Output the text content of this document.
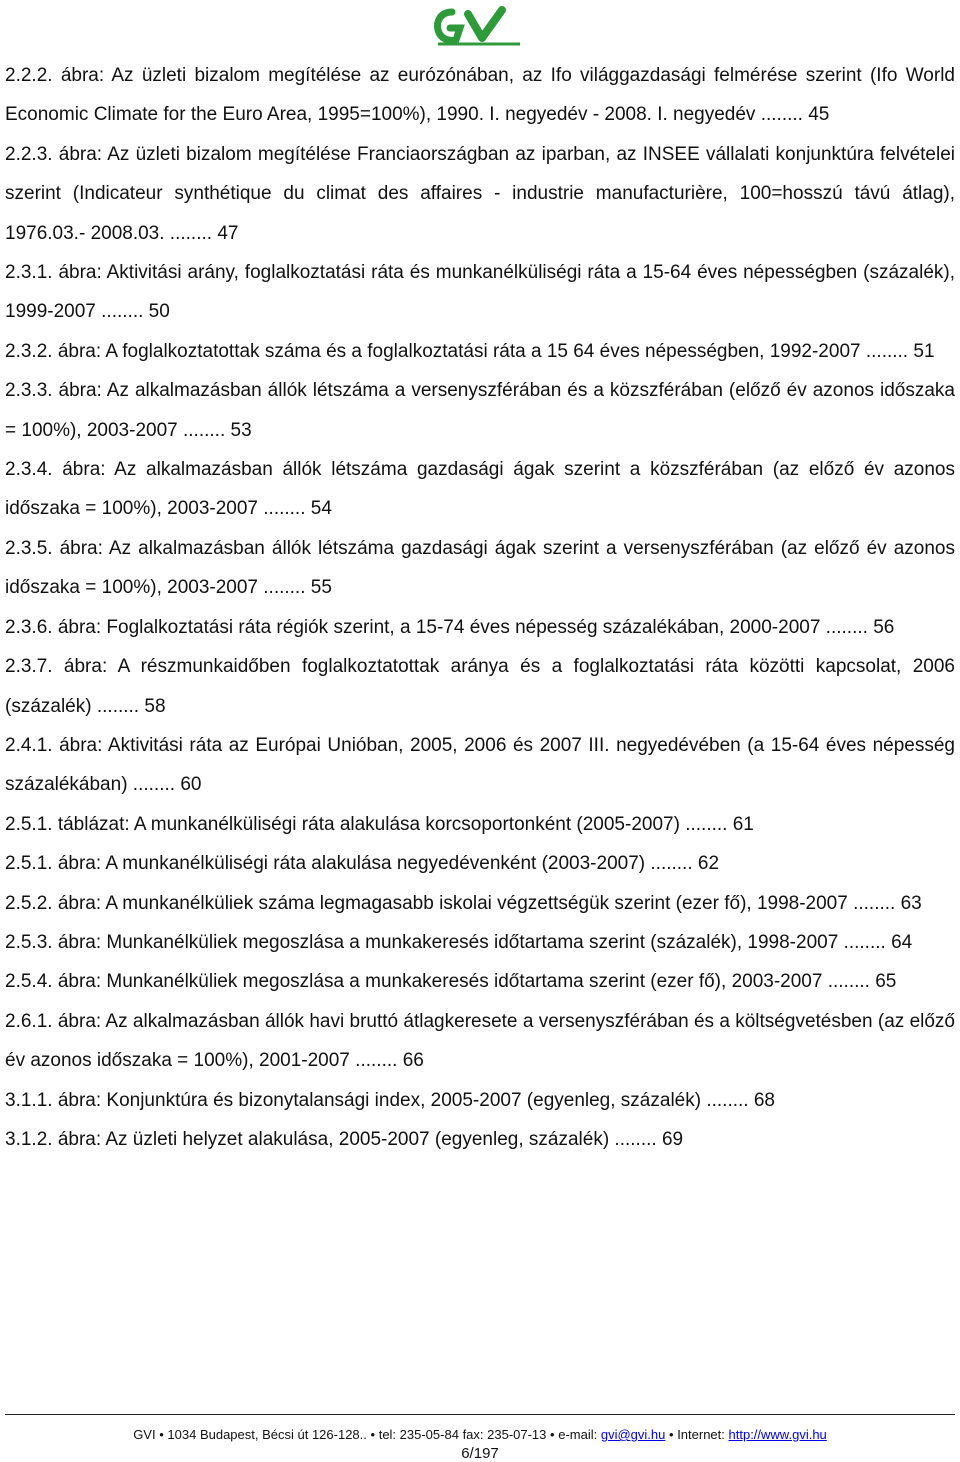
2.2.2. ábra: Az üzleti bizalom megítélése az eurózónában, az Ifo világgazdasági felmérése szerint (Ifo World Economic Climate for the Euro Area, 1995=100%), 1990. I. negyedév - 2008. I. negyedév ........ 45
2.2.3. ábra: Az üzleti bizalom megítélése Franciaországban az iparban, az INSEE vállalati konjunktúra felvételei szerint (Indicateur synthétique du climat des affaires - industrie manufacturière, 100=hosszú távú átlag), 1976.03.- 2008.03. ........ 47
2.3.1. ábra: Aktivitási arány, foglalkoztatási ráta és munkanélküliségi ráta a 15-64 éves népességben (százalék), 1999-2007 ........ 50
2.3.2. ábra: A foglalkoztatottak száma és a foglalkoztatási ráta a 15 64 éves népességben, 1992-2007 ........ 51
2.3.3. ábra: Az alkalmazásban állók létszáma a versenyszférában és a közszférában (előző év azonos időszaka = 100%), 2003-2007 ........ 53
2.3.4. ábra: Az alkalmazásban állók létszáma gazdasági ágak szerint a közszférában (az előző év azonos időszaka = 100%), 2003-2007 ........ 54
2.3.5. ábra: Az alkalmazásban állók létszáma gazdasági ágak szerint a versenyszférában (az előző év azonos időszaka = 100%), 2003-2007 ........ 55
2.3.6. ábra: Foglalkoztatási ráta régiók szerint, a 15-74 éves népesség százalékában, 2000-2007 ........ 56
2.3.7. ábra: A részmunkaidőben foglalkoztatottak aránya és a foglalkoztatási ráta közötti kapcsolat, 2006 (százalék) ........ 58
2.4.1. ábra: Aktivitási ráta az Európai Unióban, 2005, 2006 és 2007 III. negyedévében (a 15-64 éves népesség százalékában) ........ 60
2.5.1. táblázat: A munkanélküliségi ráta alakulása korcsoportonként (2005-2007) ........ 61
2.5.1. ábra: A munkanélküliségi ráta alakulása negyedévenként (2003-2007) ........ 62
2.5.2. ábra: A munkanélküliek száma legmagasabb iskolai végzettségük szerint (ezer fő), 1998-2007 ........ 63
2.5.3. ábra: Munkanélküliek megoszlása a munkakeresés időtartama szerint (százalék), 1998-2007 ........ 64
2.5.4. ábra: Munkanélküliek megoszlása a munkakeresés időtartama szerint (ezer fő), 2003-2007 ........ 65
2.6.1. ábra: Az alkalmazásban állók havi bruttó átlagkeresete a versenyszférában és a költségvetésben (az előző év azonos időszaka = 100%), 2001-2007 ........ 66
3.1.1. ábra: Konjunktúra és bizonytalansági index, 2005-2007 (egyenleg, százalék) ........ 68
3.1.2. ábra: Az üzleti helyzet alakulása, 2005-2007 (egyenleg, százalék) ........ 69
GVI • 1034 Budapest, Bécsi út 126-128.. • tel: 235-05-84 fax: 235-07-13 • e-mail: gvi@gvi.hu • Internet: http://www.gvi.hu
6/197
